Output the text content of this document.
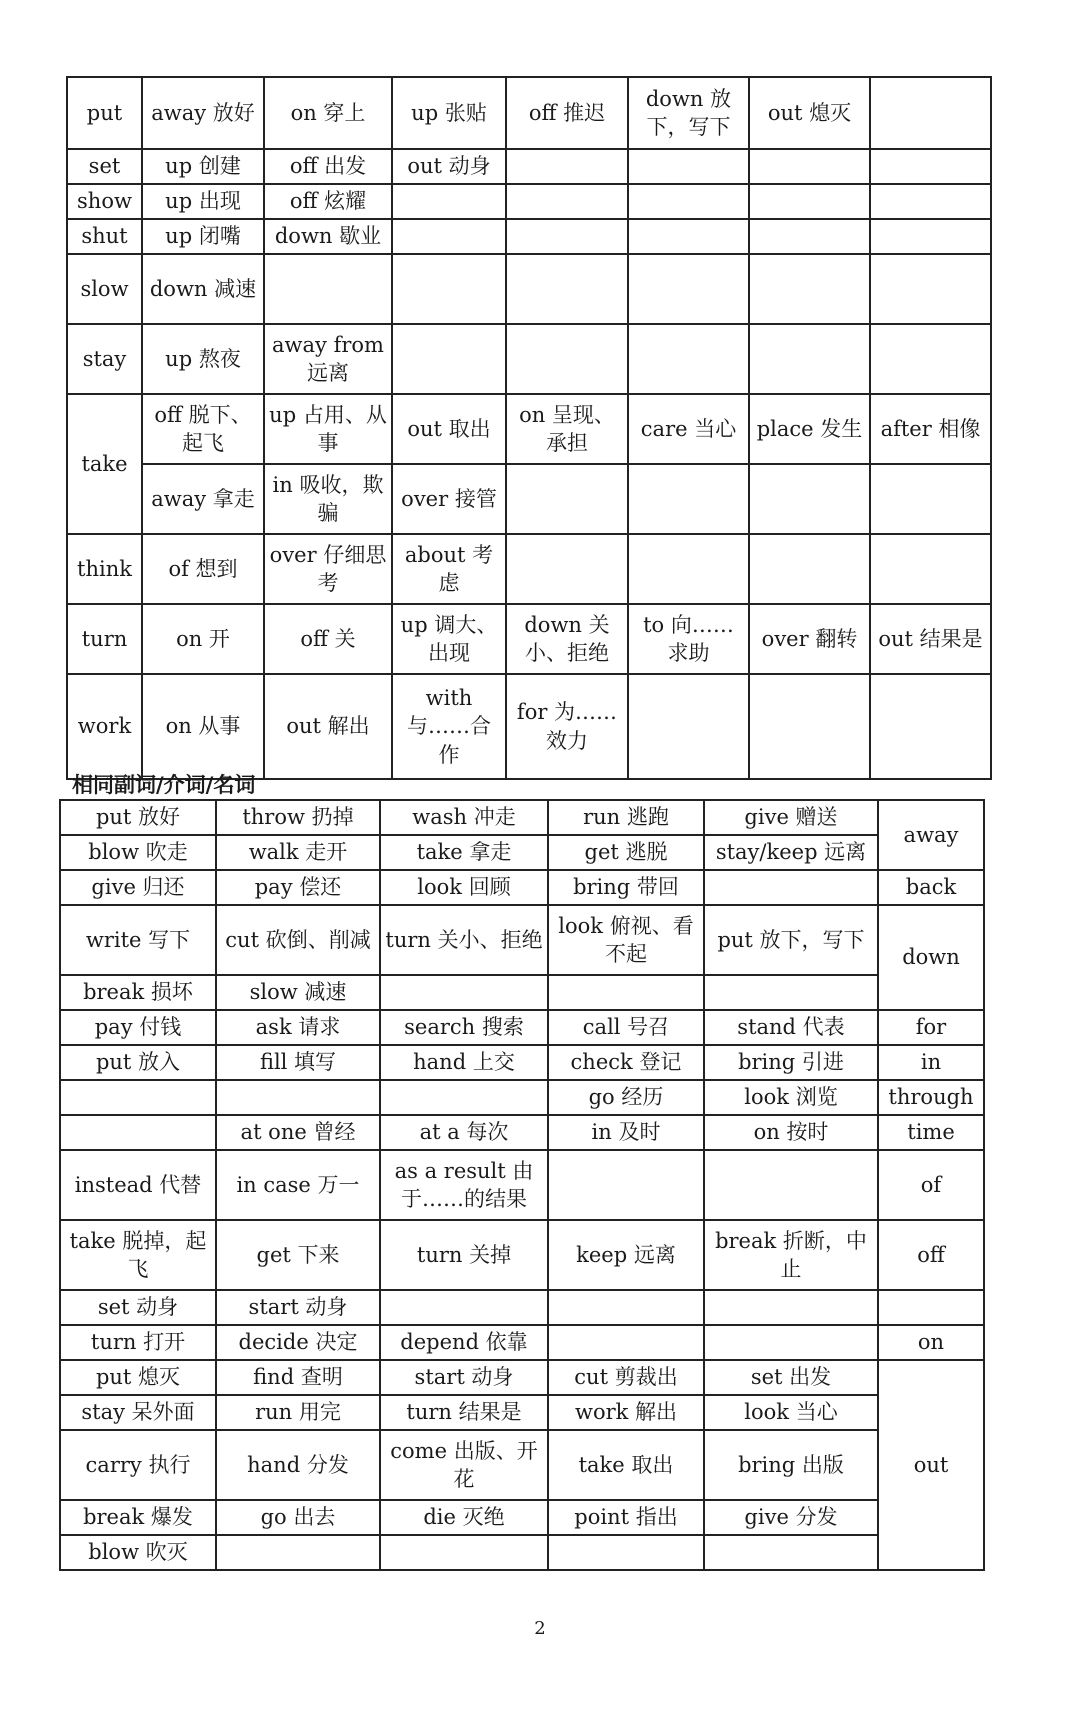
put	away 放好	on 穿上	up 张贴	off 推迟	down 放下，写下	out 熄灭	
set	up 创建	off 出发	out 动身				
show	up 出现	off 炫耀					
shut	up 闭嘴	down 歇业					
slow	down 减速						
stay	up 熬夜	away from 远离					
take	off 脱下、起飞	up 占用、从事	out 取出	on 呈现、承担	care 当心	place 发生	after 相像
	away 拿走	in 吸收，欺骗	over 接管				
think	of 想到	over 仔细思考	about 考虑				
turn	on 开	off 关	up 调大、出现	down 关小、拒绝	to 向……求助	over 翻转	out 结果是
work	on 从事	out 解出	with 与……合作	for 为……效力			
相同副词/介词/名词
put 放好	throw 扔掉	wash 冲走	run 逃跑	give 赠送	away
blow 吹走	walk 走开	take 拿走	get 逃脱	stay/keep 远离	
give 归还	pay 偿还	look 回顾	bring 带回		back
write 写下	cut 砍倒、削减	turn 关小、拒绝	look 俯视、看不起	put 放下，写下	down
break 损坏	slow 减速				
pay 付钱	ask 请求	search 搜索	call 号召	stand 代表	for
put 放入	fill 填写	hand 上交	check 登记	bring 引进	in
			go 经历	look 浏览	through
	at one 曾经	at a 每次	in 及时	on 按时	time
instead 代替	in case 万一	as a result 由于……的结果			of
take 脱掉，起飞	get 下来	turn 关掉	keep 远离	break 折断，中止	off
set 动身	start 动身				
turn 打开	decide 决定	depend 依靠			on
put 熄灭	find 查明	start 动身	cut 剪裁出	set 出发	out
stay 呆外面	run 用完	turn 结果是	work 解出	look 当心	
carry 执行	hand 分发	come 出版、开花	take 取出	bring 出版	
break 爆发	go 出去	die 灭绝	point 指出	give 分发	
blow 吹灭					
2
